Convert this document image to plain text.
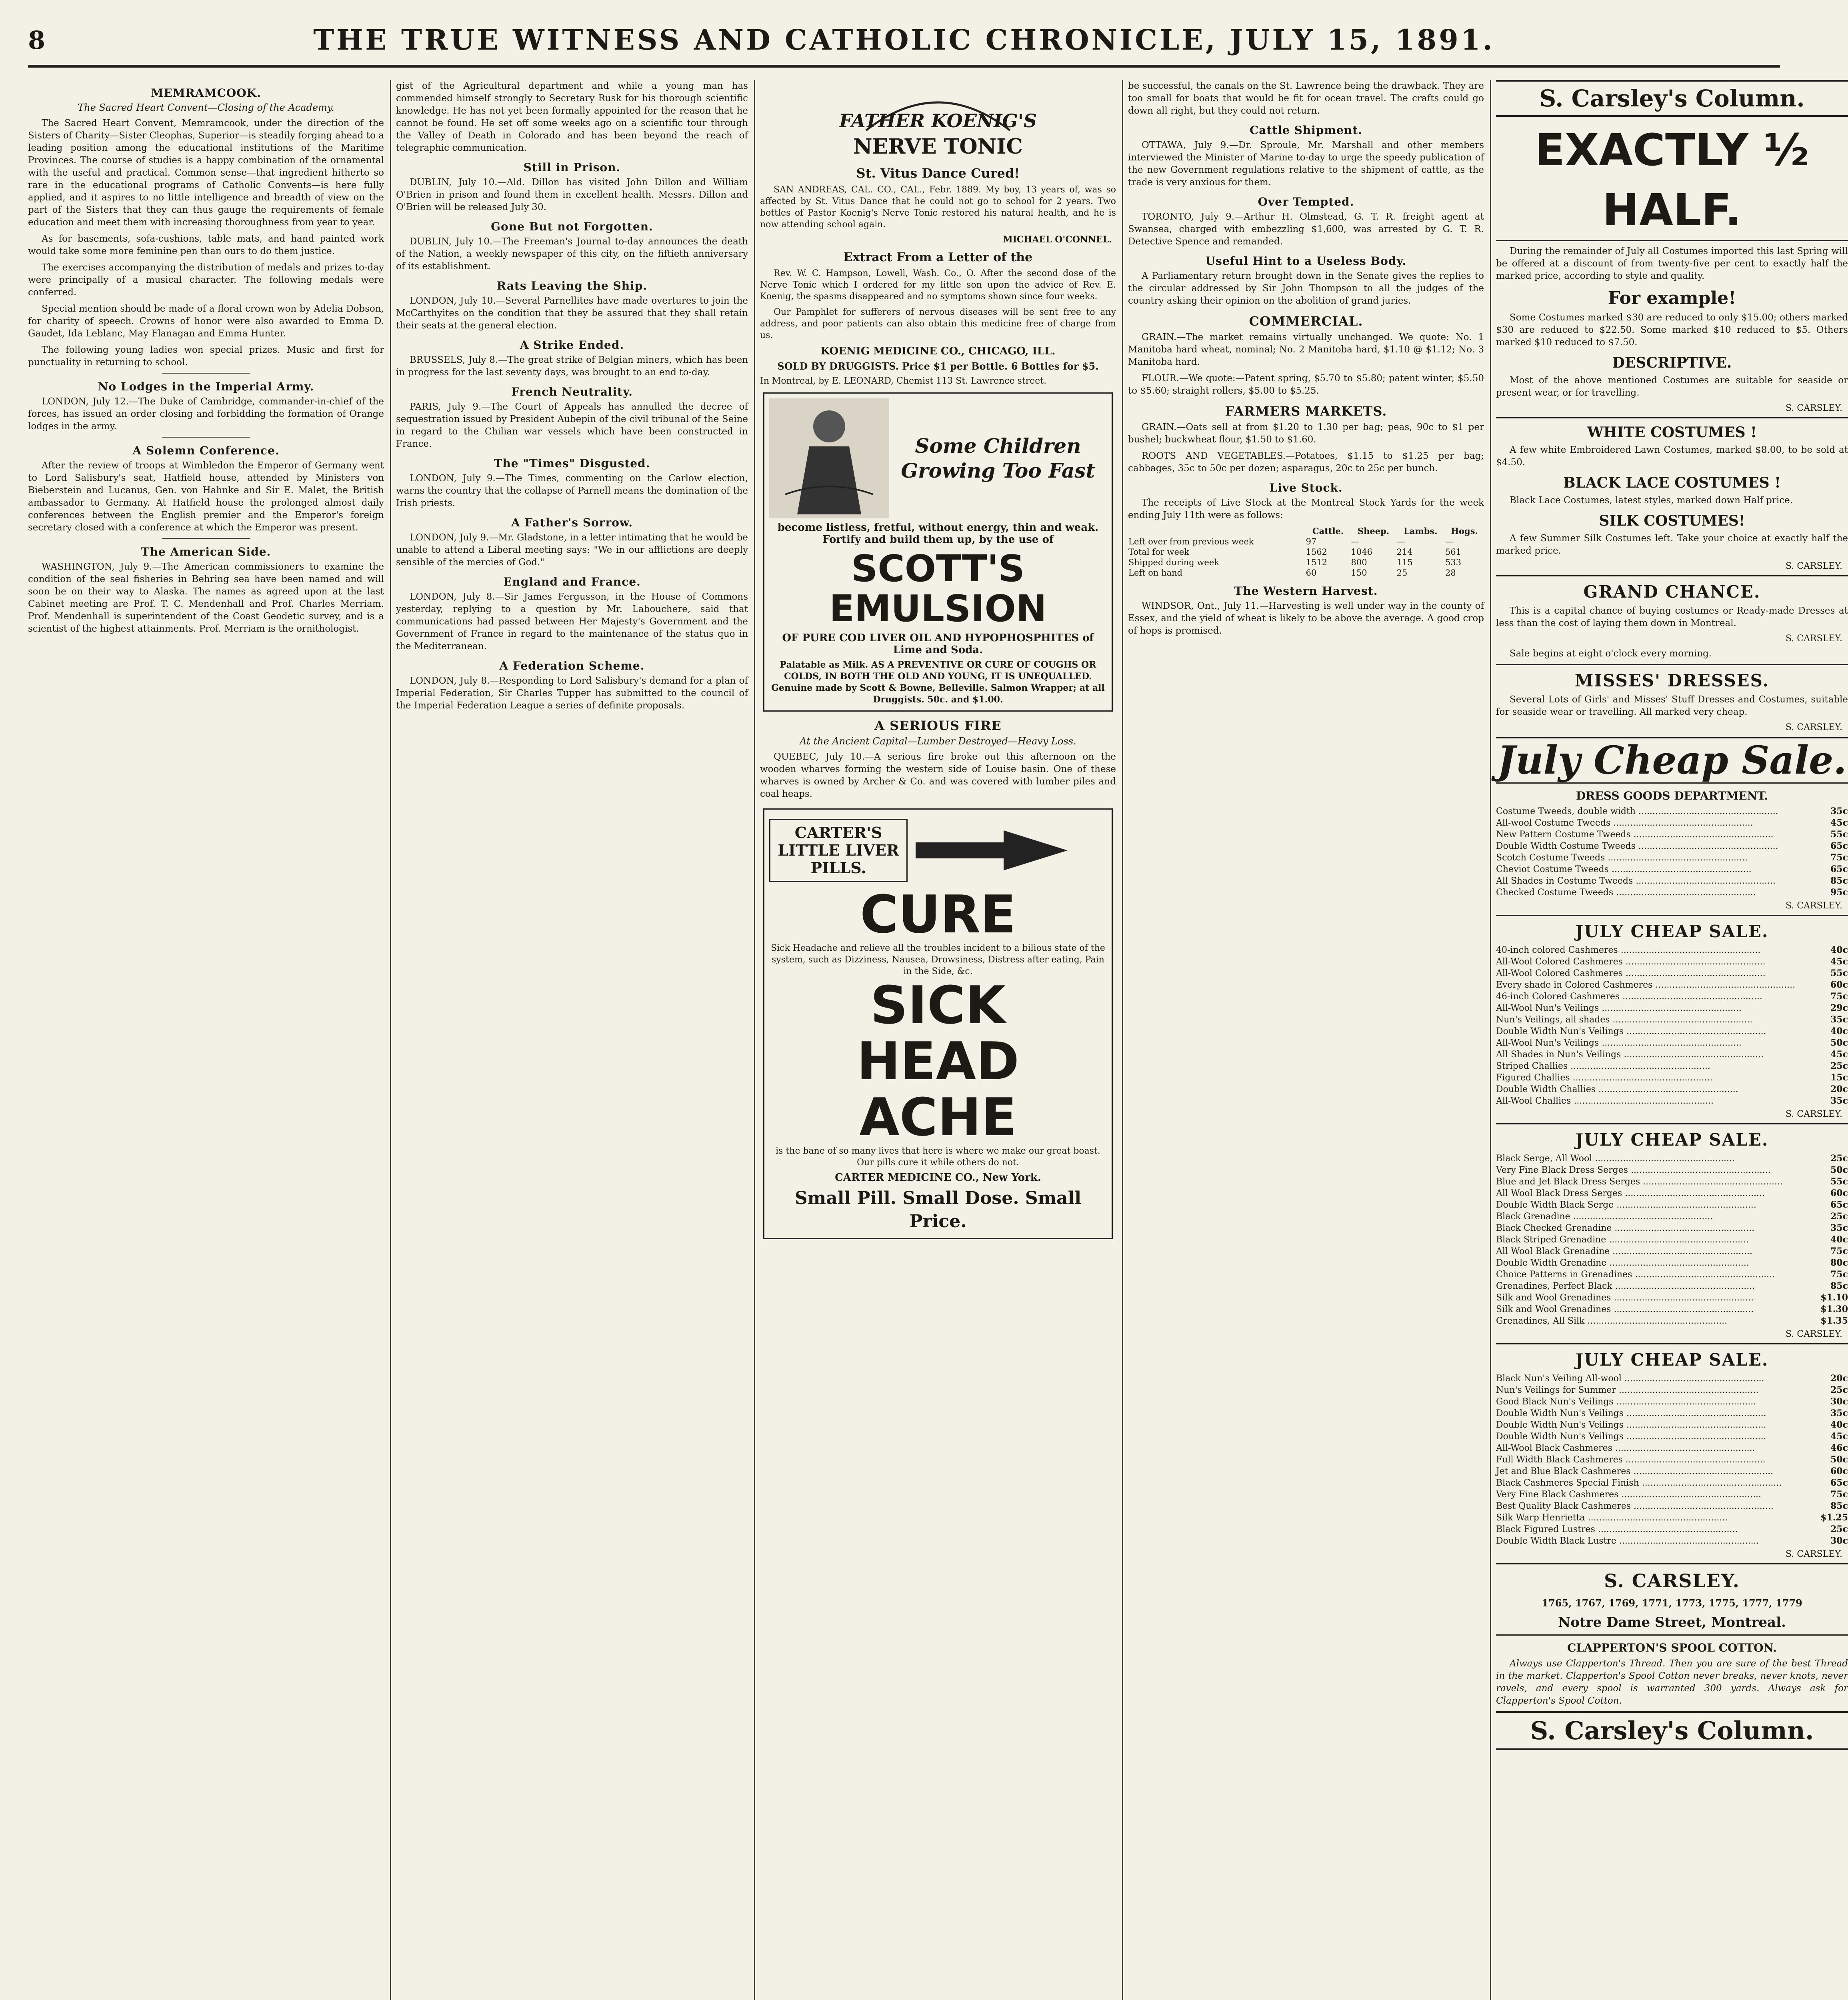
8	THE TRUE WITNESS AND CATHOLIC CHRONICLE, JULY 15, 1891.
MEMRAMCOOK.
The Sacred Heart Convent—Closing of the Academy.

The Sacred Heart Convent, Memramcook, under the direction of the Sisters of Charity—Sister Cleophas, Superior—is steadily forging ahead to a leading position among the educational institutions of the Maritime Provinces. The course of studies is a happy combination of the ornamental with the useful and practical. Common sense—that ingredient hitherto so rare in the educational programs of Catholic Convents—is here fully applied, and it aspires to no little intelligence and breadth of view on the part of the Sisters that they can thus gauge the requirements of female education and meet them with increasing thoroughness from year to year.

As for basements, sofa-cushions, table mats, and hand painted work would take some more feminine pen than ours to do them justice.

The exercises accompanying the distribution of medals and prizes to-day were principally of a musical character. The following medals were conferred.

Special mention should be made of a floral crown won by Adelia Dobson, for charity of speech. Crowns of honor were also awarded to Emma D. Gaudet, Ida Leblanc, May Flanagan and Emma Hunter.

The following young ladies won special prizes. Music and first for punctuality in returning to school.

No Lodges in the Imperial Army.

LONDON, July 12.—The Duke of Cambridge, commander-in-chief of the forces, has issued an order closing and forbidding the formation of Orange lodges in the army.

A Solemn Conference.

After the review of troops at Wimbledon the Emperor of Germany went to Lord Salisbury's seat, Hatfield house, attended by Ministers von Bieberstein and Lucanus, Gen. von Hahnke and Sir E. Malet, the British ambassador to Germany. At Hatfield house the prolonged almost daily conferences between the English premier and the Emperor's foreign secretary closed with a conference at which the Emperor was present.

The American Side.

WASHINGTON, July 9.—The American commissioners to examine the condition of the seal fisheries in Behring sea have been named and will soon be on their way to Alaska. The names as agreed upon at the last Cabinet meeting are Prof. T. C. Mendenhall and Prof. Charles Merriam. Prof. Mendenhall is superintendent of the Coast Geodetic survey, and is a scientist of the highest attainments. Prof. Merriam is the ornithologist.

gist of the Agricultural department and while a young man has commended himself strongly to Secretary Rusk for his thorough scientific knowledge. He has not yet been formally appointed for the reason that he cannot be found. He set off some weeks ago on a scientific tour through the Valley of Death in Colorado and has been beyond the reach of telegraphic communication.

Still in Prison.

DUBLIN, July 10.—Ald. Dillon has visited John Dillon and William O'Brien in prison and found them in excellent health. Messrs. Dillon and O'Brien will be released July 30.

Gone But not Forgotten.

DUBLIN, July 10.—The Freeman's Journal to-day announces the death of the Nation, a weekly newspaper of this city, on the fiftieth anniversary of its establishment.

Rats Leaving the Ship.

LONDON, July 10.—Several Parnellites have made overtures to join the McCarthyites on the condition that they be assured that they shall retain their seats at the general election.

A Strike Ended.

BRUSSELS, July 8.—The great strike of Belgian miners, which has been in progress for the last seventy days, was brought to an end to-day.

French Neutrality.

PARIS, July 9.—The Court of Appeals has annulled the decree of sequestration issued by President Aubepin of the civil tribunal of the Seine in regard to the Chilian war vessels which have been constructed in France.

The "Times" Disgusted.

LONDON, July 9.—The Times, commenting on the Carlow election, warns the country that the collapse of Parnell means the domination of the Irish priests.

A Father's Sorrow.

LONDON, July 9.—Mr. Gladstone, in a letter intimating that he would be unable to attend a Liberal meeting says: "We in our afflictions are deeply sensible of the mercies of God."

England and France.

LONDON, July 8.—Sir James Fergusson, in the House of Commons yesterday, replying to a question by Mr. Labouchere, said that communications had passed between Her Majesty's Government and the Government of France in regard to the maintenance of the status quo in the Mediterranean.

A Federation Scheme.

LONDON, July 8.—Responding to Lord Salisbury's demand for a plan of Imperial Federation, Sir Charles Tupper has submitted to the council of the Imperial Federation League a series of definite proposals.

FATHER KOENIG'S
NERVE TONIC
St. Vitus Dance Cured!

SAN ANDREAS, CAL. CO., CAL., Febr. 1889. My boy, 13 years of, was so affected by St. Vitus Dance that he could not go to school for 2 years. Two bottles of Pastor Koenig's Nerve Tonic restored his natural health, and he is now attending school again.

MICHAEL O'CONNEL.
Extract From a Letter of the

Rev. W. C. Hampson, Lowell, Wash. Co., O. After the second dose of the Nerve Tonic which I ordered for my little son upon the advice of Rev. E. Koenig, the spasms disappeared and no symptoms shown since four weeks.

Our Pamphlet for sufferers of nervous diseases will be sent free to any address, and poor patients can also obtain this medicine free of charge from us.

KOENIG MEDICINE CO., CHICAGO, ILL.
SOLD BY DRUGGISTS. Price $1 per Bottle. 6 Bottles for $5.

In Montreal, by E. LEONARD, Chemist 113 St. Lawrence street.

Some Children Growing Too Fast
become listless, fretful, without energy, thin and weak. Fortify and build them up, by the use of
SCOTT'S EMULSION
OF PURE COD LIVER OIL AND HYPOPHOSPHITES of Lime and Soda.
Palatable as Milk. AS A PREVENTIVE OR CURE OF COUGHS OR COLDS, IN BOTH THE OLD AND YOUNG, IT IS UNEQUALLED. Genuine made by Scott & Bowne, Belleville. Salmon Wrapper; at all Druggists. 50c. and $1.00.
A SERIOUS FIRE
At the Ancient Capital—Lumber Destroyed—Heavy Loss.

QUEBEC, July 10.—A serious fire broke out this afternoon on the wooden wharves forming the western side of Louise basin. One of these wharves is owned by Archer & Co. and was covered with lumber piles and coal heaps.

CARTER'S LITTLE LIVER PILLS.
CURE
Sick Headache and relieve all the troubles incident to a bilious state of the system, such as Dizziness, Nausea, Drowsiness, Distress after eating, Pain in the Side, &c.
SICK
HEAD
ACHE
is the bane of so many lives that here is where we make our great boast. Our pills cure it while others do not.
CARTER MEDICINE CO., New York.
Small Pill. Small Dose. Small Price.

be successful, the canals on the St. Lawrence being the drawback. They are too small for boats that would be fit for ocean travel. The crafts could go down all right, but they could not return.

Cattle Shipment.

OTTAWA, July 9.—Dr. Sproule, Mr. Marshall and other members interviewed the Minister of Marine to-day to urge the speedy publication of the new Government regulations relative to the shipment of cattle, as the trade is very anxious for them.

Over Tempted.

TORONTO, July 9.—Arthur H. Olmstead, G. T. R. freight agent at Swansea, charged with embezzling $1,600, was arrested by G. T. R. Detective Spence and remanded.

Useful Hint to a Useless Body.

A Parliamentary return brought down in the Senate gives the replies to the circular addressed by Sir John Thompson to all the judges of the country asking their opinion on the abolition of grand juries.

COMMERCIAL.

GRAIN.—The market remains virtually unchanged. We quote: No. 1 Manitoba hard wheat, nominal; No. 2 Manitoba hard, $1.10 @ $1.12; No. 3 Manitoba hard.

FLOUR.—We quote:—Patent spring, $5.70 to $5.80; patent winter, $5.50 to $5.60; straight rollers, $5.00 to $5.25.

FARMERS MARKETS.

GRAIN.—Oats sell at from $1.20 to 1.30 per bag; peas, 90c to $1 per bushel; buckwheat flour, $1.50 to $1.60.

ROOTS AND VEGETABLES.—Potatoes, $1.15 to $1.25 per bag; cabbages, 35c to 50c per dozen; asparagus, 20c to 25c per bunch.

Live Stock.

The receipts of Live Stock at the Montreal Stock Yards for the week ending July 11th were as follows:

	Cattle.	Sheep.	Lambs.	Hogs.
Left over from previous week	97	—	—	—
Total for week	1562	1046	214	561
Shipped during week	1512	800	115	533
Left on hand	60	150	25	28
The Western Harvest.

WINDSOR, Ont., July 11.—Harvesting is well under way in the county of Essex, and the yield of wheat is likely to be above the average. A good crop of hops is promised.

S. Carsley's Column.
EXACTLY ½ HALF.

During the remainder of July all Costumes imported this last Spring will be offered at a discount of from twenty-five per cent to exactly half the marked price, according to style and quality.

For example!

Some Costumes marked $30 are reduced to only $15.00; others marked $30 are reduced to $22.50. Some marked $10 reduced to $5. Others marked $10 reduced to $7.50.

DESCRIPTIVE.

Most of the above mentioned Costumes are suitable for seaside or present wear, or for travelling.

S. CARSLEY.
WHITE COSTUMES !

A few white Embroidered Lawn Costumes, marked $8.00, to be sold at $4.50.

BLACK LACE COSTUMES !

Black Lace Costumes, latest styles, marked down Half price.

SILK COSTUMES!

A few Summer Silk Costumes left. Take your choice at exactly half the marked price.

S. CARSLEY.
GRAND CHANCE.

This is a capital chance of buying costumes or Ready-made Dresses at less than the cost of laying them down in Montreal.

S. CARSLEY.

Sale begins at eight o'clock every morning.

MISSES' DRESSES.

Several Lots of Girls' and Misses' Stuff Dresses and Costumes, suitable for seaside wear or travelling. All marked very cheap.

S. CARSLEY.
July Cheap Sale.
DRESS GOODS DEPARTMENT.
Costume Tweeds, double width .....	35c
All-wool Costume Tweeds .....	45c
New Pattern Costume Tweeds .....	55c
Double Width Costume Tweeds .....	65c
Scotch Costume Tweeds .....	75c
Cheviot Costume Tweeds .....	65c
All Shades in Costume Tweeds .....	85c
Checked Costume Tweeds .....	95c
S. CARSLEY.
JULY CHEAP SALE.
40-inch colored Cashmeres .....	40c
All-Wool Colored Cashmeres .....	45c
All-Wool Colored Cashmeres .....	55c
Every shade in Colored Cashmeres .....	60c
46-inch Colored Cashmeres .....	75c
All-Wool Nun's Veilings .....	29c
Nun's Veilings, all shades .....	35c
Double Width Nun's Veilings .....	40c
All-Wool Nun's Veilings .....	50c
All Shades in Nun's Veilings .....	45c
Striped Challies .....	25c
Figured Challies .....	15c
Double Width Challies .....	20c
All-Wool Challies .....	35c
S. CARSLEY.
JULY CHEAP SALE.
Black Serge, All Wool .....	25c
Very Fine Black Dress Serges .....	50c
Blue and Jet Black Dress Serges .....	55c
All Wool Black Dress Serges .....	60c
Double Width Black Serge .....	65c
Black Grenadine .....	25c
Black Checked Grenadine .....	35c
Black Striped Grenadine .....	40c
All Wool Black Grenadine .....	75c
Double Width Grenadine .....	80c
Choice Patterns in Grenadines .....	75c
Grenadines, Perfect Black .....	85c
Silk and Wool Grenadines .....	$1.10
Silk and Wool Grenadines .....	$1.30
Grenadines, All Silk .....	$1.35
S. CARSLEY.
JULY CHEAP SALE.
Black Nun's Veiling All-wool .....	20c
Nun's Veilings for Summer .....	25c
Good Black Nun's Veilings .....	30c
Double Width Nun's Veilings .....	35c
Double Width Nun's Veilings .....	40c
Double Width Nun's Veilings .....	45c
All-Wool Black Cashmeres .....	46c
Full Width Black Cashmeres .....	50c
Jet and Blue Black Cashmeres .....	60c
Black Cashmeres Special Finish .....	65c
Very Fine Black Cashmeres .....	75c
Best Quality Black Cashmeres .....	85c
Silk Warp Henrietta .....	$1.25
Black Figured Lustres .....	25c
Double Width Black Lustre .....	30c
S. CARSLEY.
S. CARSLEY.
1765, 1767, 1769, 1771, 1773, 1775, 1777, 1779
Notre Dame Street, Montreal.
CLAPPERTON'S SPOOL COTTON.

Always use Clapperton's Thread. Then you are sure of the best Thread in the market. Clapperton's Spool Cotton never breaks, never knots, never ravels, and every spool is warranted 300 yards. Always ask for Clapperton's Spool Cotton.

S. Carsley's Column.
